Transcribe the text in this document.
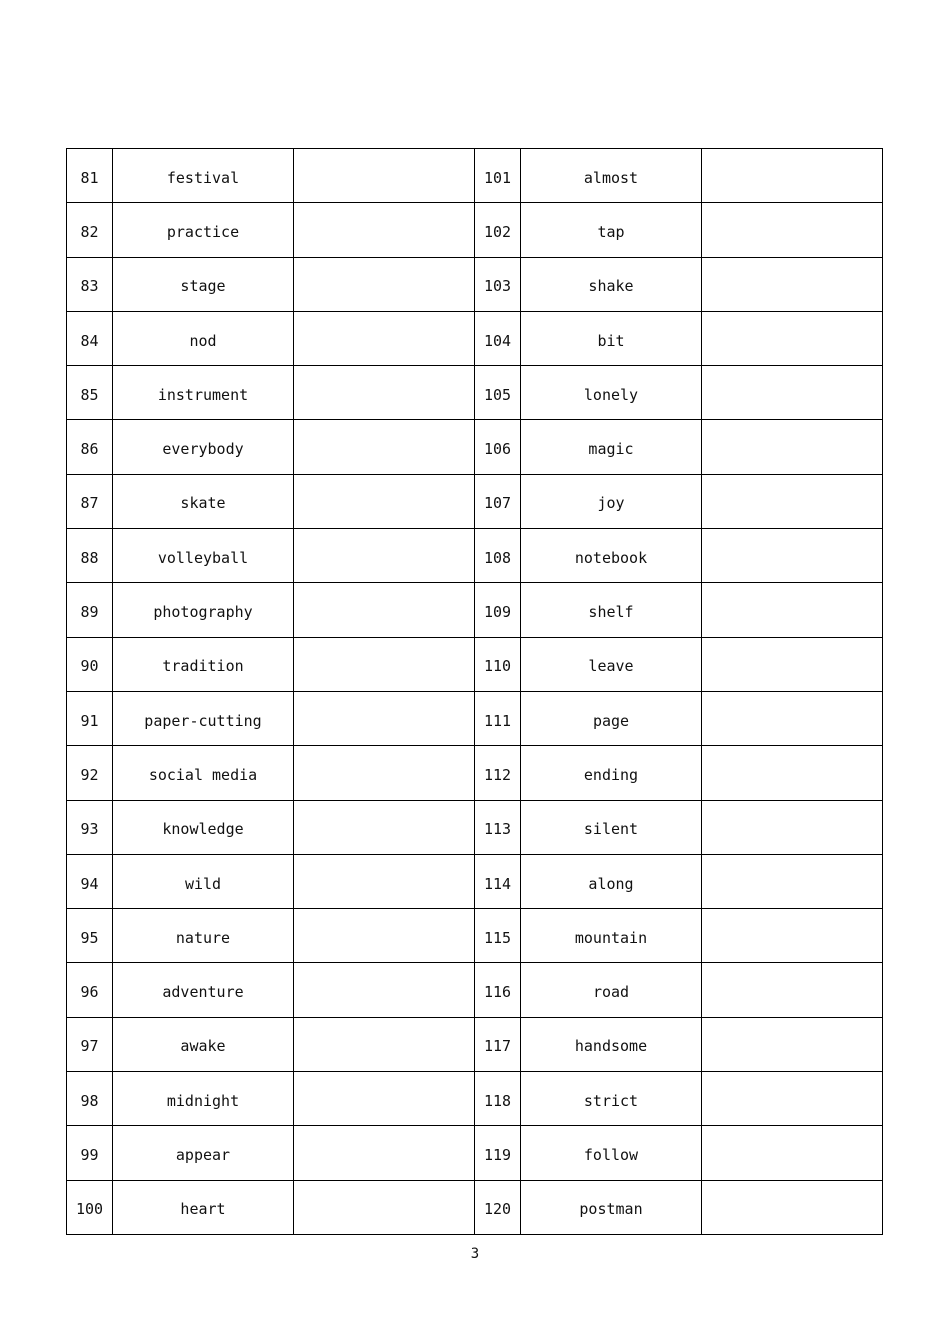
81	festival		101	almost	
82	practice		102	tap	
83	stage		103	shake	
84	nod		104	bit	
85	instrument		105	lonely	
86	everybody		106	magic	
87	skate		107	joy	
88	volleyball		108	notebook	
89	photography		109	shelf	
90	tradition		110	leave	
91	paper-cutting		111	page	
92	social media		112	ending	
93	knowledge		113	silent	
94	wild		114	along	
95	nature		115	mountain	
96	adventure		116	road	
97	awake		117	handsome	
98	midnight		118	strict	
99	appear		119	follow	
100	heart		120	postman	
3
